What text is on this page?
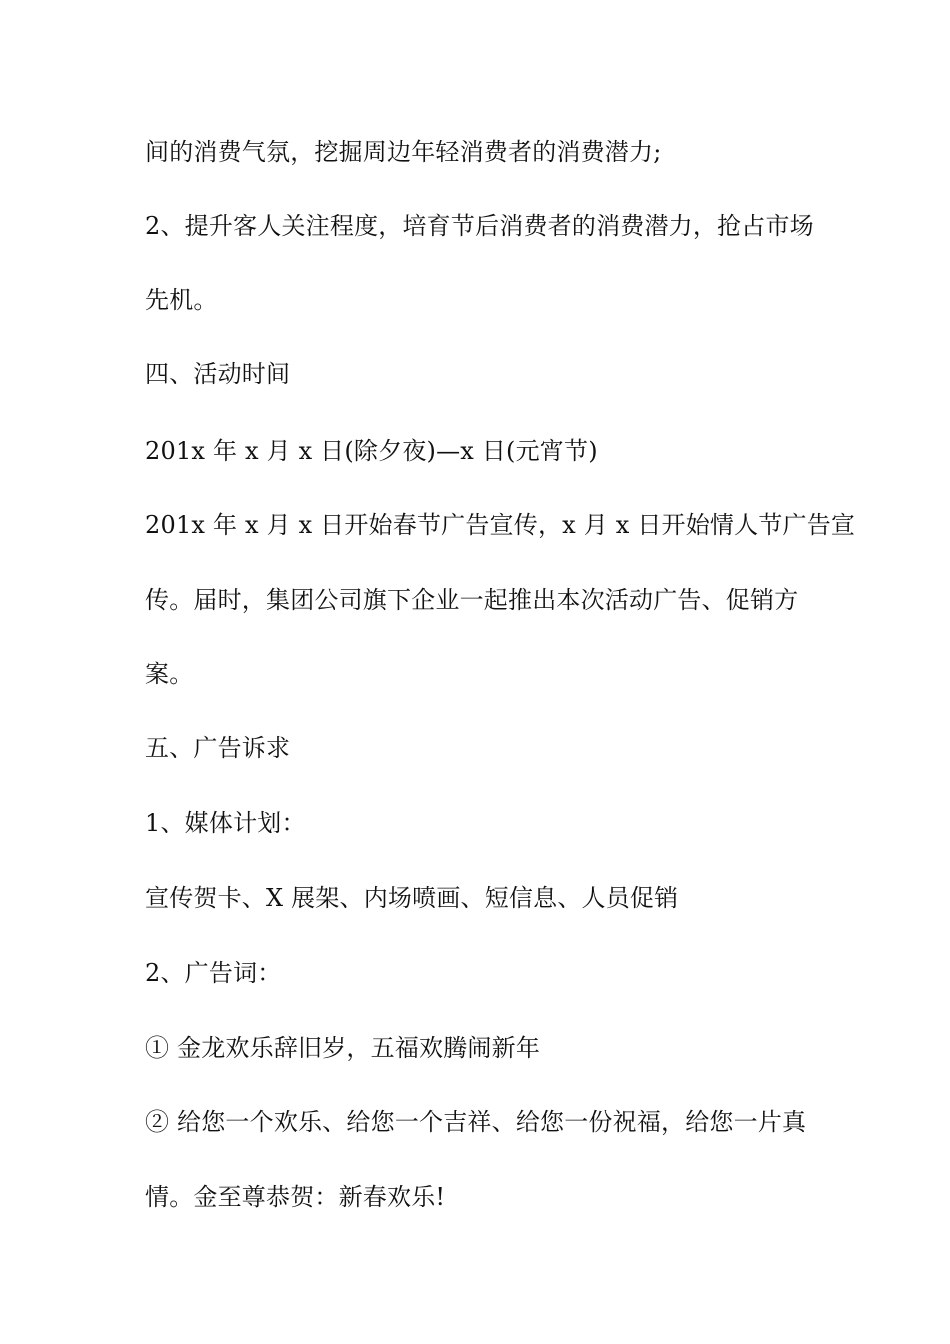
间的消费气氛，挖掘周边年轻消费者的消费潜力;
2、提升客人关注程度，培育节后消费者的消费潜力，抢占市场
先机。
四、活动时间
201x 年 x 月 x 日(除夕夜)—x 日(元宵节)
201x 年 x 月 x 日开始春节广告宣传，x 月 x 日开始情人节广告宣
传。届时，集团公司旗下企业一起推出本次活动广告、促销方
案。
五、广告诉求
1、媒体计划：
宣传贺卡、X 展架、内场喷画、短信息、人员促销
2、广告词：
① 金龙欢乐辞旧岁，五福欢腾闹新年
② 给您一个欢乐、给您一个吉祥、给您一份祝福，给您一片真
情。金至尊恭贺：新春欢乐!
